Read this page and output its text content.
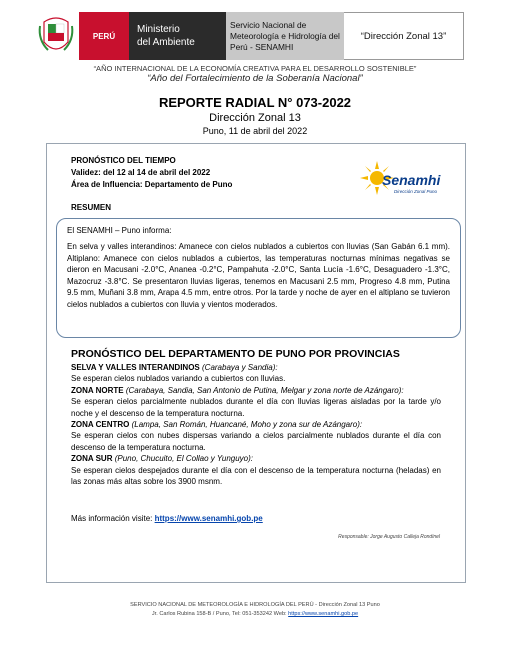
PERÚ
Ministerio
del Ambiente
Servicio Nacional de
Meteorología e Hidrología del
Perú - SENAMHI
“Dirección Zonal 13”
“AÑO INTERNACIONAL DE LA ECONOMÍA CREATIVA PARA EL DESARROLLO SOSTENIBLE”
“Año del Fortalecimiento de la Soberanía Nacional”
REPORTE RADIAL N° 073-2022
Dirección Zonal 13
Puno, 11 de abril del 2022
PRONÓSTICO DEL TIEMPO
Validez: del 12 al 14 de abril del 2022
Área de Influencia: Departamento de Puno
RESUMEN
Senamhi
Dirección Zonal Puno
El SENAMHI – Puno informa:
En selva y valles interandinos: Amanece con cielos nublados a cubiertos con lluvias (San Gabán 6.1 mm). Altiplano: Amanece con cielos nublados a cubiertos, las temperaturas nocturnas mínimas negativas se dieron en Macusani -2.0°C, Ananea -0.2°C, Pampahuta -2.0°C, Santa Lucía -1.6°C, Desaguadero -1.3°C, Mazocruz -3.8°C. Se presentaron lluvias ligeras, tenemos en Macusani 2.5 mm, Progreso 4.8 mm, Putina 9.5 mm, Muñani 3.8 mm, Arapa 4.5 mm, entre otros. Por la tarde y noche de ayer en el altiplano se tuvieron cielos nublados a cubiertos con lluvia y vientos moderados.
PRONÓSTICO DEL DEPARTAMENTO DE PUNO POR PROVINCIAS

SELVA Y VALLES INTERANDINOS (Carabaya y Sandia):

Se esperan cielos nublados variando a cubiertos con lluvias.

ZONA NORTE (Carabaya, Sandia, San Antonio de Putina, Melgar y zona norte de Azángaro):

Se esperan cielos parcialmente nublados durante el día con lluvias ligeras aisladas por la tarde y/o noche y el descenso de la temperatura nocturna.

ZONA CENTRO (Lampa, San Román, Huancané, Moho y zona sur de Azángaro):

Se esperan cielos con nubes dispersas variando a cielos parcialmente nublados durante el día con descenso de la temperatura nocturna.

ZONA SUR (Puno, Chucuito, El Collao y Yunguyo):

Se esperan cielos despejados durante el día con el descenso de la temperatura nocturna (heladas) en las zonas más altas sobre los 3900 msnm.

Más información visite: https://www.senamhi.gob.pe
Responsable: Jorge Augusto Calleja Rondinel
SERVICIO NACIONAL DE METEOROLOGÍA E HIDROLOGÍA DEL PERÚ - Dirección Zonal 13 Puno
Jr. Carlos Rubina 158-B / Puno, Tel: 051-353242 Web: https://www.senamhi.gob.pe
